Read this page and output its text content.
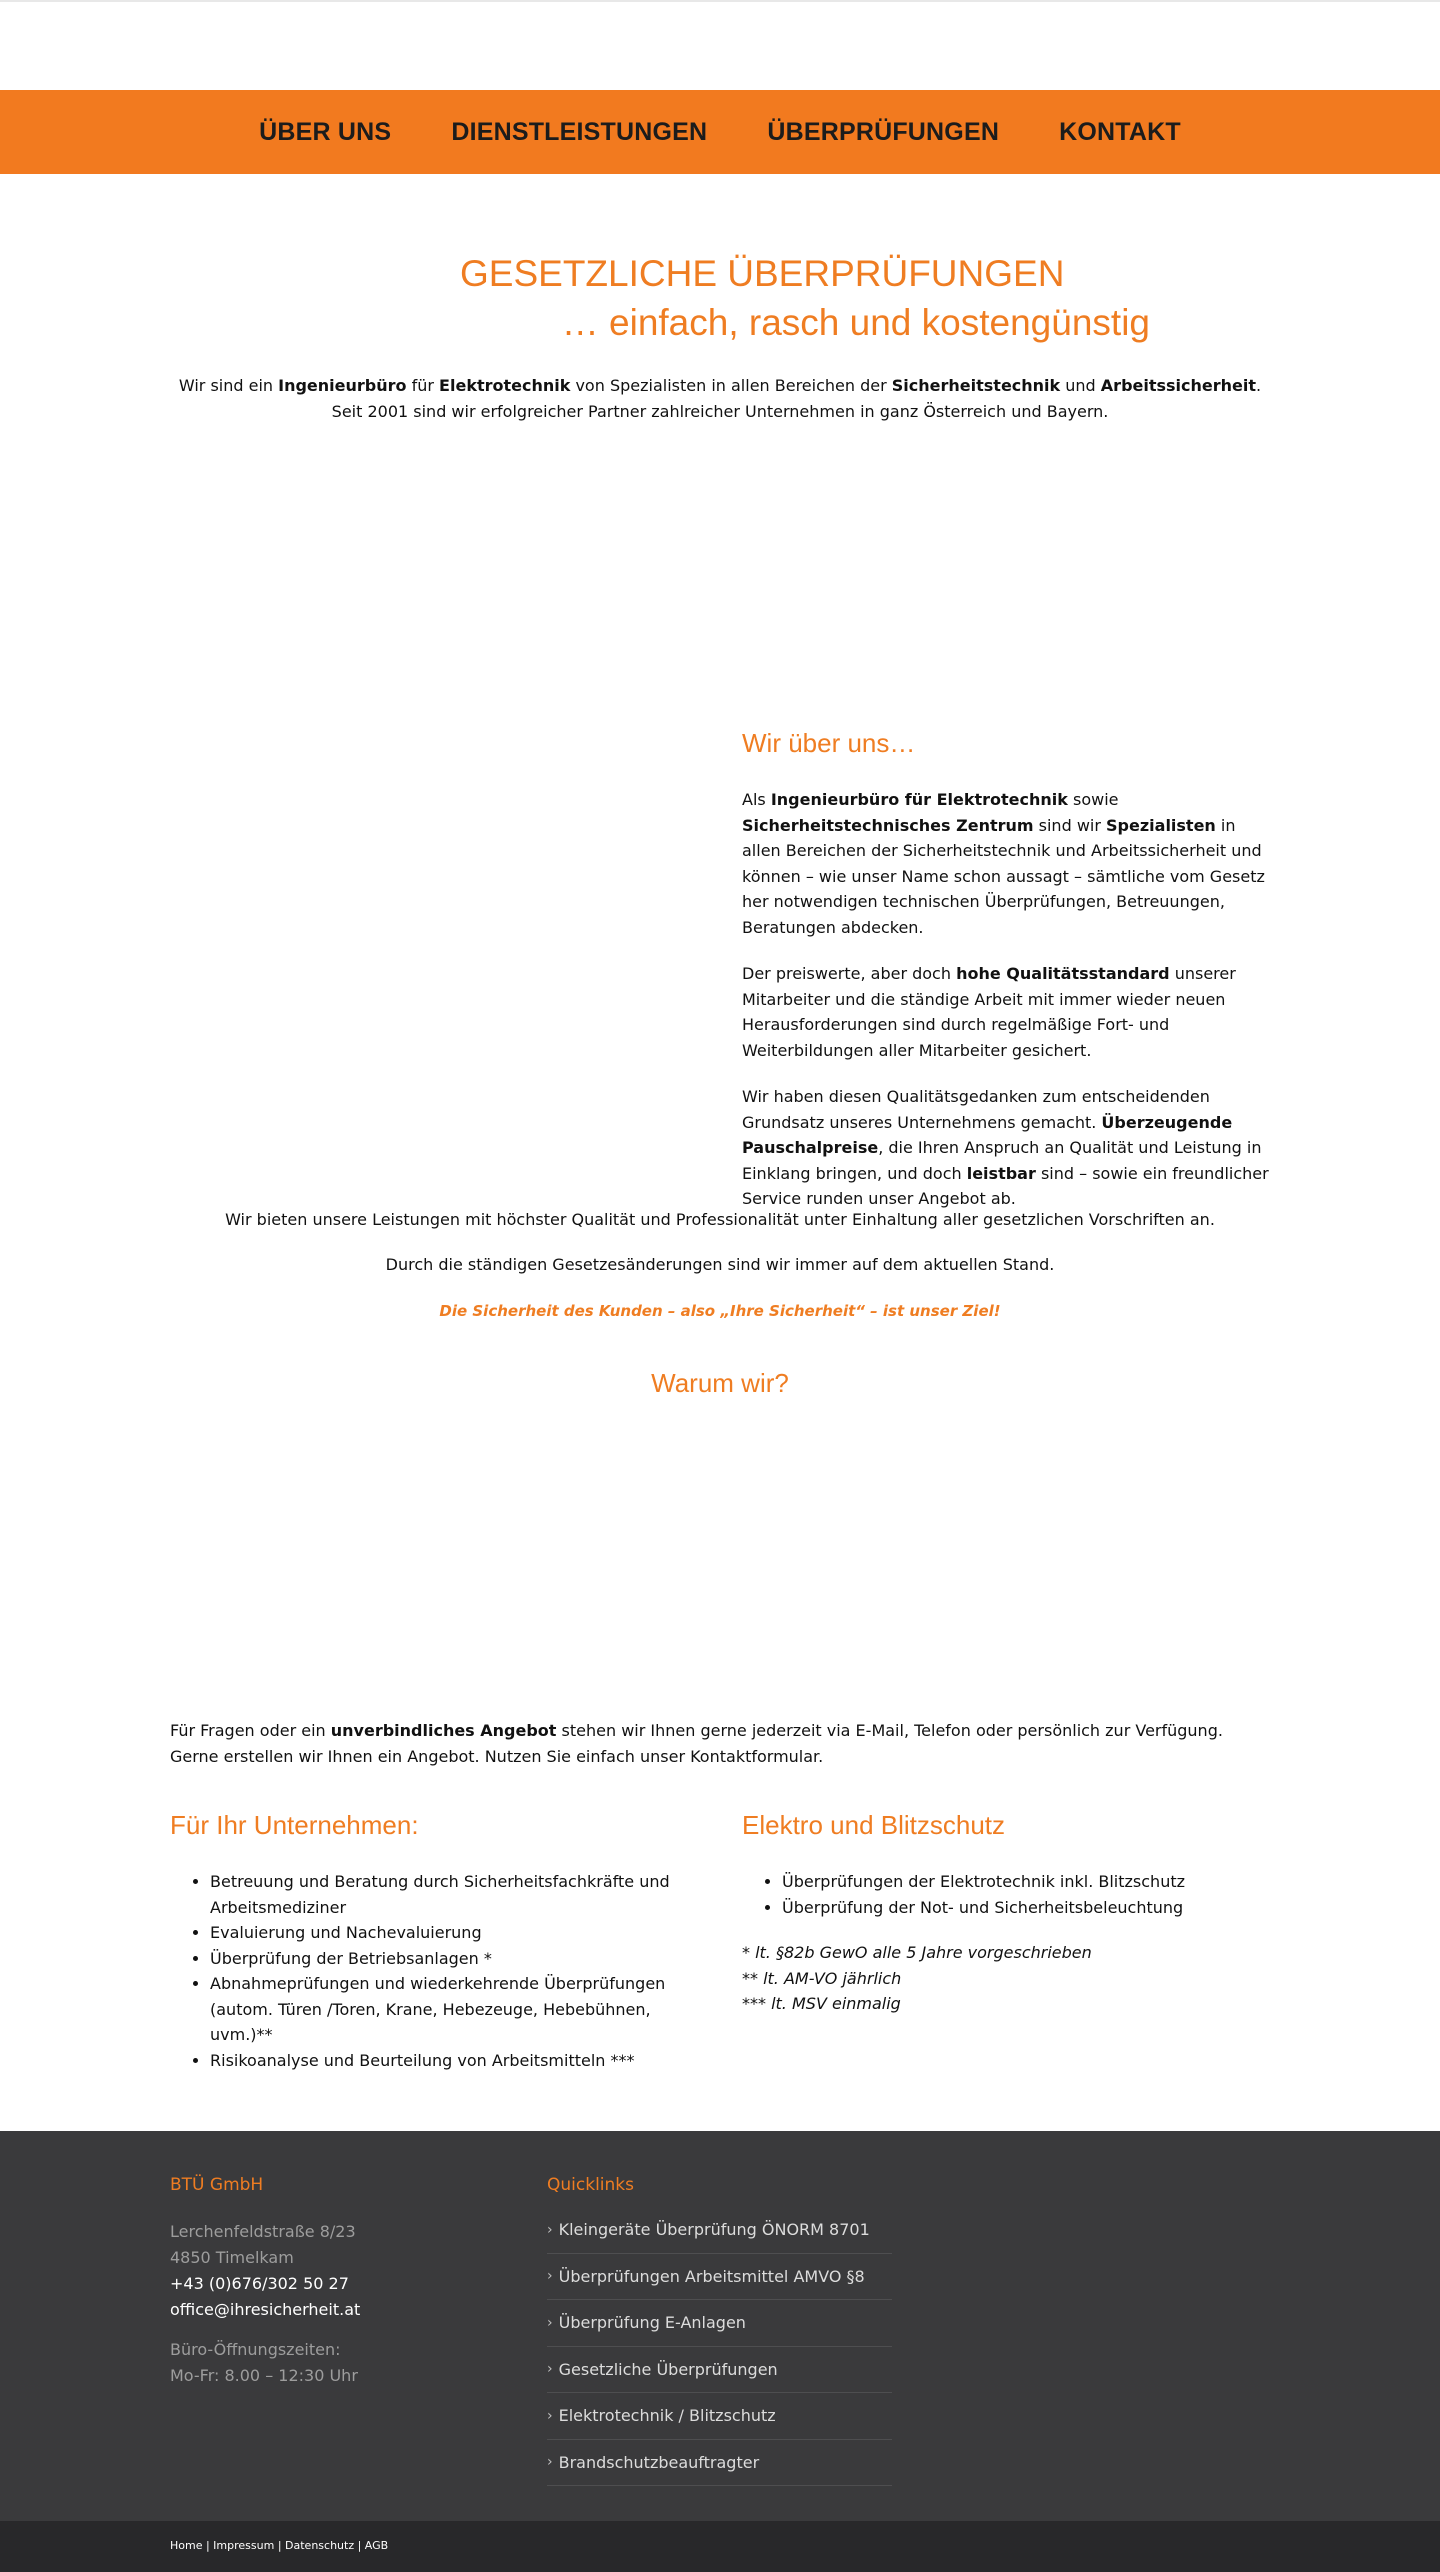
ÜBER UNS DIENSTLEISTUNGEN ÜBERPRÜFUNGEN KONTAKT
GESETZLICHE ÜBERPRÜFUNGEN
… einfach, rasch und kostengünstig

Wir sind ein Ingenieurbüro für Elektrotechnik von Spezialisten in allen Bereichen der Sicherheitstechnik und Arbeitssicherheit. Seit 2001 sind wir erfolgreicher Partner zahlreicher Unternehmen in ganz Österreich und Bayern.

Wir über uns…

Als Ingenieurbüro für Elektrotechnik sowie Sicherheitstechnisches Zentrum sind wir Spezialisten in allen Bereichen der Sicherheitstechnik und Arbeitssicherheit und können – wie unser Name schon aussagt – sämtliche vom Gesetz her notwendigen technischen Überprüfungen, Betreuungen, Beratungen abdecken.

Der preiswerte, aber doch hohe Qualitätsstandard unserer Mitarbeiter und die ständige Arbeit mit immer wieder neuen Herausforderungen sind durch regelmäßige Fort- und Weiterbildungen aller Mitarbeiter gesichert.

Wir haben diesen Qualitätsgedanken zum entscheidenden Grundsatz unseres Unternehmens gemacht. Überzeugende Pauschalpreise, die Ihren Anspruch an Qualität und Leistung in Einklang bringen, und doch leistbar sind – sowie ein freundlicher Service runden unser Angebot ab.

Wir bieten unsere Leistungen mit höchster Qualität und Professionalität unter Einhaltung aller gesetzlichen Vorschriften an.

Durch die ständigen Gesetzesänderungen sind wir immer auf dem aktuellen Stand.

Die Sicherheit des Kunden – also „Ihre Sicherheit“ – ist unser Ziel!

Warum wir?

Für Fragen oder ein unverbindliches Angebot stehen wir Ihnen gerne jederzeit via E-Mail, Telefon oder persönlich zur Verfügung. Gerne erstellen wir Ihnen ein Angebot. Nutzen Sie einfach unser Kontaktformular.

Für Ihr Unternehmen:
• Betreuung und Beratung durch Sicherheitsfachkräfte und Arbeitsmediziner
• Evaluierung und Nachevaluierung
• Überprüfung der Betriebsanlagen *
• Abnahmeprüfungen und wiederkehrende Überprüfungen (autom. Türen /Toren, Krane, Hebezeuge, Hebebühnen, uvm.)**
• Risikoanalyse und Beurteilung von Arbeitsmitteln ***
Elektro und Blitzschutz
• Überprüfungen der Elektrotechnik inkl. Blitzschutz
• Überprüfung der Not- und Sicherheitsbeleuchtung
* lt. §82b GewO alle 5 Jahre vorgeschrieben
** lt. AM-VO jährlich
*** lt. MSV einmalig
BTÜ GmbH
Lerchenfeldstraße 8/23
4850 Timelkam
+43 (0)676/302 50 27
office@ihresicherheit.at
Büro-Öffnungszeiten:
Mo-Fr: 8.00 – 12:30 Uhr
Quicklinks
› Kleingeräte Überprüfung ÖNORM 8701
› Überprüfungen Arbeitsmittel AMVO §8
› Überprüfung E-Anlagen
› Gesetzliche Überprüfungen
› Elektrotechnik / Blitzschutz
› Brandschutzbeauftragter
Home | Impressum | Datenschutz | AGB
